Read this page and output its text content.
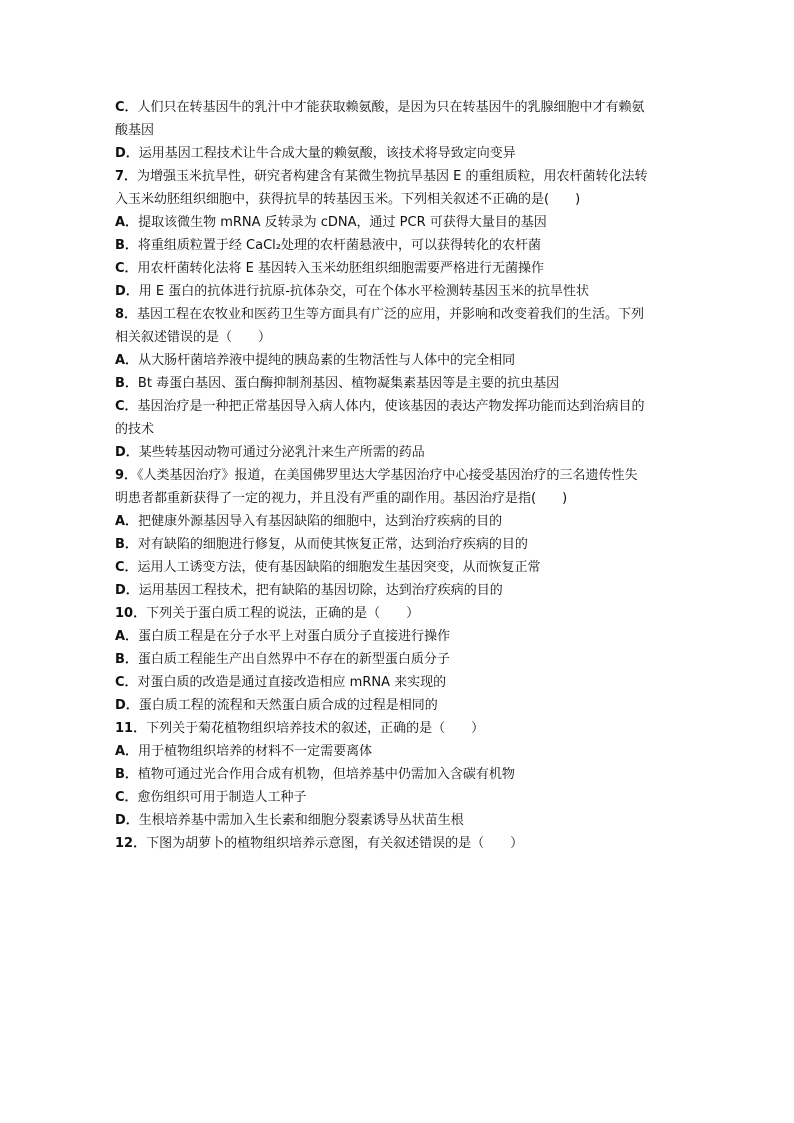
C．人们只在转基因牛的乳汁中才能获取赖氨酸，是因为只在转基因牛的乳腺细胞中才有赖氨
酸基因
D．运用基因工程技术让牛合成大量的赖氨酸，该技术将导致定向变异
7．为增强玉米抗旱性，研究者构建含有某微生物抗旱基因 E 的重组质粒，用农杆菌转化法转
入玉米幼胚组织细胞中，获得抗旱的转基因玉米。下列相关叙述不正确的是(　　)
A．提取该微生物 mRNA 反转录为 cDNA，通过 PCR 可获得大量目的基因
B．将重组质粒置于经 CaCl₂处理的农杆菌悬液中，可以获得转化的农杆菌
C．用农杆菌转化法将 E 基因转入玉米幼胚组织细胞需要严格进行无菌操作
D．用 E 蛋白的抗体进行抗原-抗体杂交，可在个体水平检测转基因玉米的抗旱性状
8．基因工程在农牧业和医药卫生等方面具有广泛的应用，并影响和改变着我们的生活。下列
相关叙述错误的是（　　）
A．从大肠杆菌培养液中提纯的胰岛素的生物活性与人体中的完全相同
B．Bt 毒蛋白基因、蛋白酶抑制剂基因、植物凝集素基因等是主要的抗虫基因
C．基因治疗是一种把正常基因导入病人体内，使该基因的表达产物发挥功能而达到治病目的
的技术
D．某些转基因动物可通过分泌乳汁来生产所需的药品
9．《人类基因治疗》报道，在美国佛罗里达大学基因治疗中心接受基因治疗的三名遗传性失
明患者都重新获得了一定的视力，并且没有严重的副作用。基因治疗是指(　　)
A．把健康外源基因导入有基因缺陷的细胞中，达到治疗疾病的目的
B．对有缺陷的细胞进行修复，从而使其恢复正常，达到治疗疾病的目的
C．运用人工诱变方法，使有基因缺陷的细胞发生基因突变，从而恢复正常
D．运用基因工程技术，把有缺陷的基因切除，达到治疗疾病的目的
10．下列关于蛋白质工程的说法，正确的是（　　）
A．蛋白质工程是在分子水平上对蛋白质分子直接进行操作
B．蛋白质工程能生产出自然界中不存在的新型蛋白质分子
C．对蛋白质的改造是通过直接改造相应 mRNA 来实现的
D．蛋白质工程的流程和天然蛋白质合成的过程是相同的
11．下列关于菊花植物组织培养技术的叙述，正确的是（　　）
A．用于植物组织培养的材料不一定需要离体
B．植物可通过光合作用合成有机物，但培养基中仍需加入含碳有机物
C．愈伤组织可用于制造人工种子
D．生根培养基中需加入生长素和细胞分裂素诱导丛状苗生根
12．下图为胡萝卜的植物组织培养示意图，有关叙述错误的是（　　）
